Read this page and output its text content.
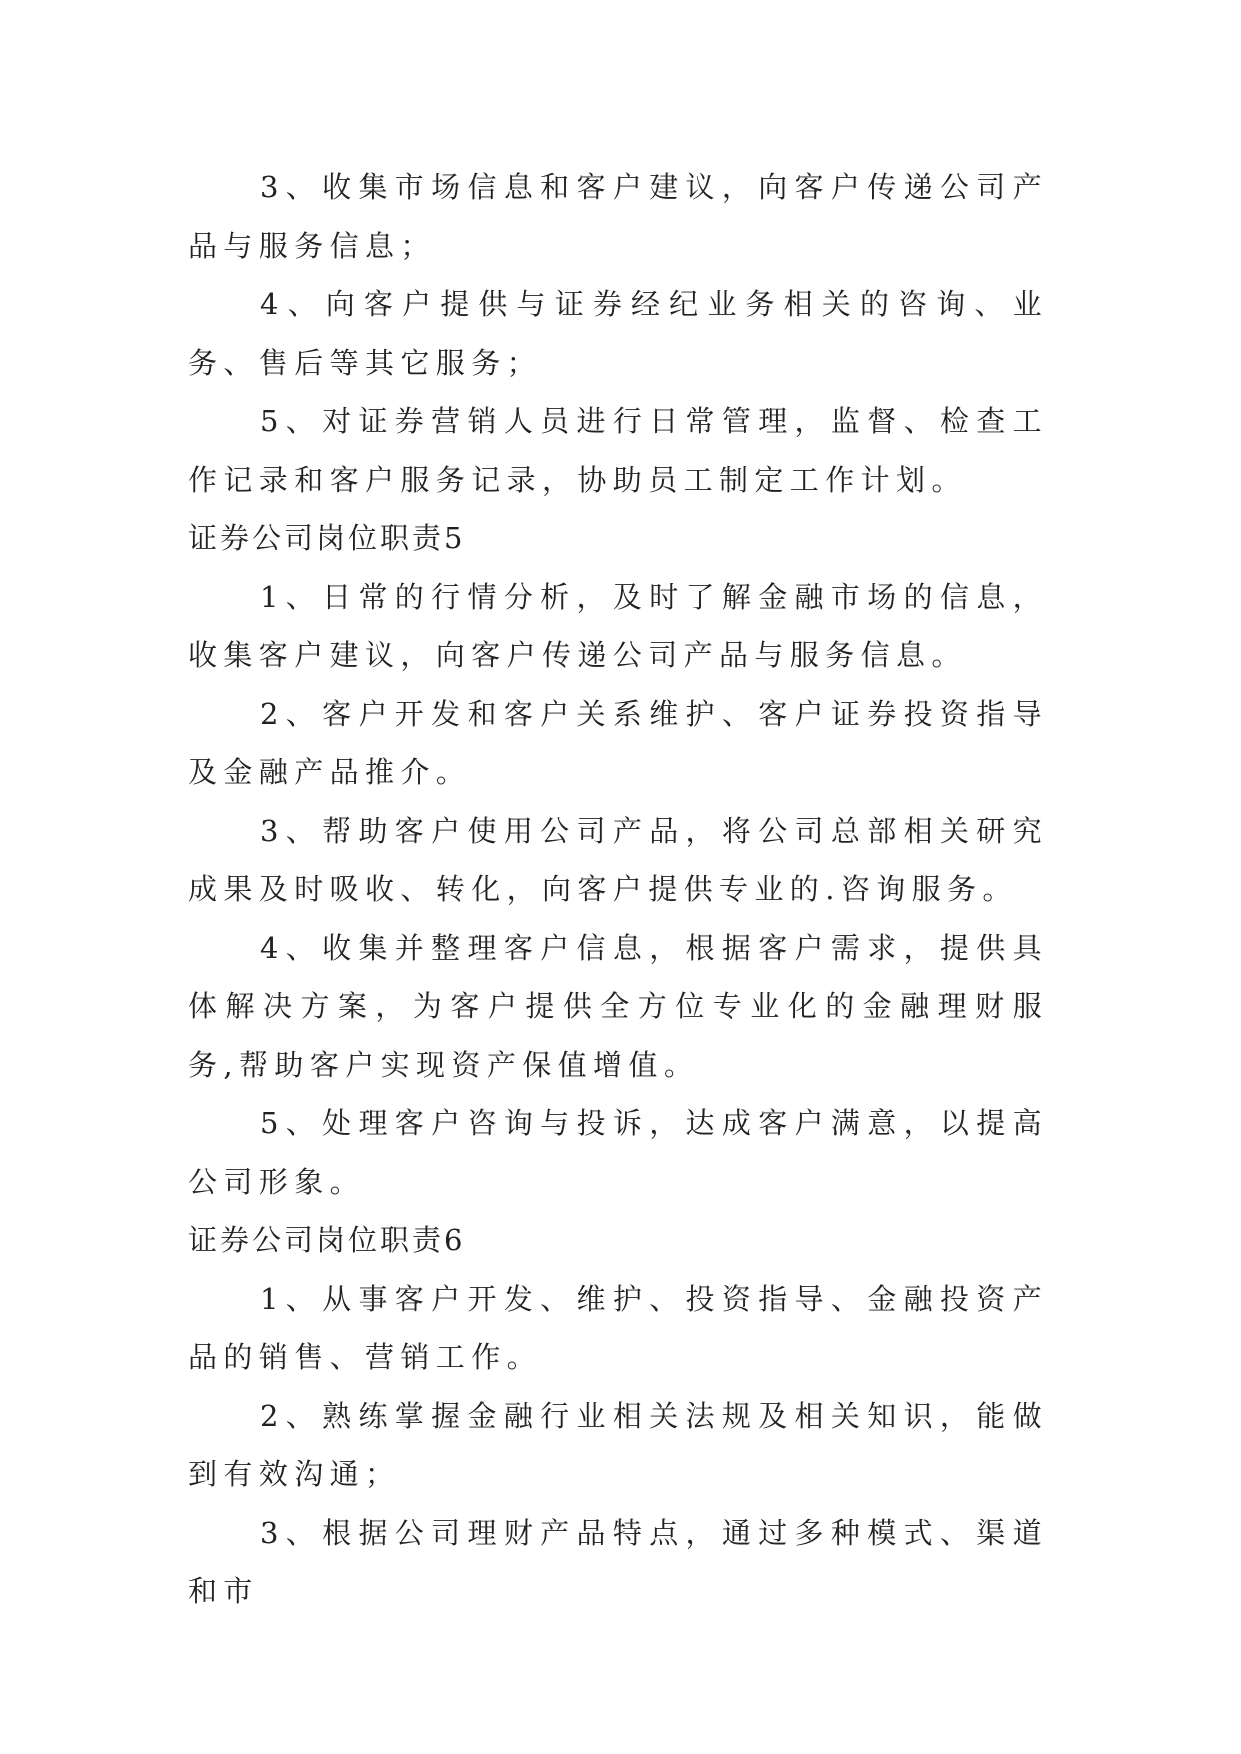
3、收集市场信息和客户建议，向客户传递公司产品与服务信息；

4、向客户提供与证券经纪业务相关的咨询、业务、售后等其它服务；

5、对证券营销人员进行日常管理，监督、检查工作记录和客户服务记录，协助员工制定工作计划。

证券公司岗位职责5

1、日常的行情分析，及时了解金融市场的信息，收集客户建议，向客户传递公司产品与服务信息。

2、客户开发和客户关系维护、客户证券投资指导及金融产品推介。

3、帮助客户使用公司产品，将公司总部相关研究成果及时吸收、转化，向客户提供专业的.咨询服务。

4、收集并整理客户信息，根据客户需求，提供具体解决方案，为客户提供全方位专业化的金融理财服务,帮助客户实现资产保值增值。

5、处理客户咨询与投诉，达成客户满意，以提高公司形象。

证券公司岗位职责6

1、从事客户开发、维护、投资指导、金融投资产品的销售、营销工作。

2、熟练掌握金融行业相关法规及相关知识，能做到有效沟通；

3、根据公司理财产品特点，通过多种模式、渠道和市
